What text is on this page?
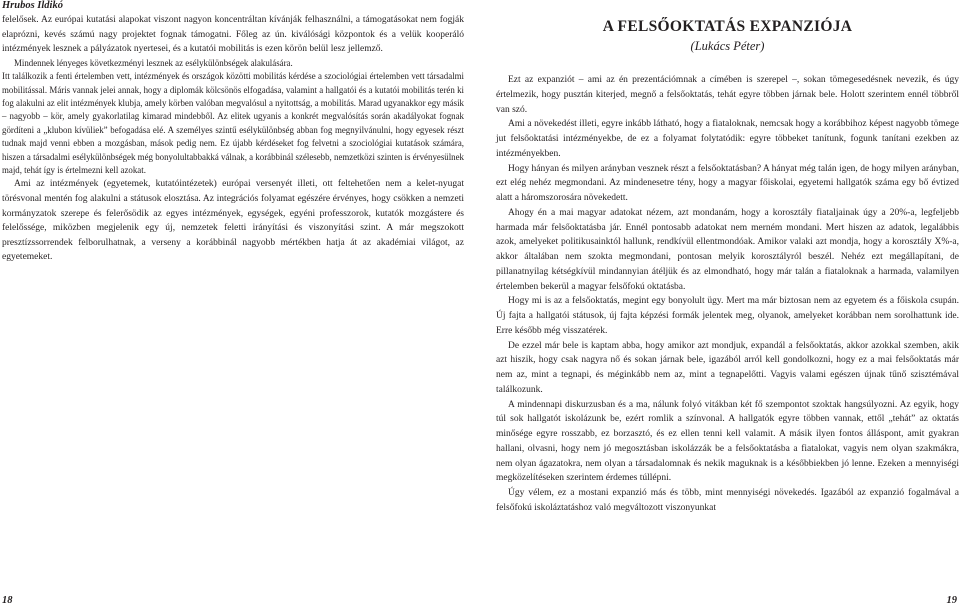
Hrubos Ildikó

felelősek. Az európai kutatási alapokat viszont nagyon koncentráltan kívánják felhasználni, a támogatásokat nem fogják elaprózni, kevés számú nagy projektet fognak támogatni. Főleg az ún. kiválósági központok és a velük kooperáló intézmények lesznek a pályázatok nyertesei, és a kutatói mobilitás is ezen körön belül lesz jellemző.

Mindennek lényeges következményi lesznek az esélykülönbségek alakulására.

Itt találkozik a fenti értelemben vett, intézmények és országok közötti mobilitás kérdése a szociológiai értelemben vett társadalmi mobilitással. Máris vannak jelei annak, hogy a diplomák kölcsönös elfogadása, valamint a hallgatói és a kutatói mobilitás terén ki fog alakulni az elit intézmények klubja, amely körben valóban megvalósul a nyitottság, a mobilitás. Marad ugyanakkor egy másik – nagyobb – kör, amely gyakorlatilag kimarad mindebből. Az elitek ugyanis a konkrét megvalósítás során akadályokat fognak gördíteni a „klubon kívüliek” befogadása elé. A személyes szintű esélykülönbség abban fog megnyilvánulni, hogy egyesek részt tudnak majd venni ebben a mozgásban, mások pedig nem. Ez újabb kérdéseket fog felvetni a szociológiai kutatások számára, hiszen a társadalmi esélykülönbségek még bonyolultabbakká válnak, a korábbinál szélesebb, nemzetközi szinten is érvényesülnek majd, tehát így is értelmezni kell azokat.

Ami az intézmények (egyetemek, kutatóintézetek) európai versenyét illeti, ott feltehetően nem a kelet-nyugat törésvonal mentén fog alakulni a státusok elosztása. Az integrációs folyamat egészére érvényes, hogy csökken a nemzeti kormányzatok szerepe és felerősödik az egyes intézmények, egységek, egyéni professzorok, kutatók mozgástere és felelőssége, miközben megjelenik egy új, nemzetek feletti irányítási és viszonyítási szint. A már megszokott presztízssorrendek felborulhatnak, a verseny a korábbinál nagyobb mértékben hatja át az akadémiai világot, az egyetemeket.

A FELSŐOKTATÁS EXPANZIÓJA
(Lukács Péter)

Ezt az expanziót – ami az én prezentációmnak a címében is szerepel –, sokan tömegesedésnek nevezik, és úgy értelmezik, hogy pusztán kiterjed, megnő a felsőoktatás, tehát egyre többen járnak bele. Holott szerintem ennél többről van szó.

Ami a növekedést illeti, egyre inkább látható, hogy a fiataloknak, nemcsak hogy a korábbihoz képest nagyobb tömege jut felsőoktatási intézményekbe, de ez a folyamat folytatódik: egyre többeket tanítunk, fogunk tanítani ezekben az intézményekben.

Hogy hányan és milyen arányban vesznek részt a felsőoktatásban? A hányat még talán igen, de hogy milyen arányban, ezt elég nehéz megmondani. Az mindenesetre tény, hogy a magyar főiskolai, egyetemi hallgatók száma egy bő évtized alatt a háromszorosára növekedett.

Ahogy én a mai magyar adatokat nézem, azt mondanám, hogy a korosztály fiataljainak úgy a 20%-a, legfeljebb harmada már felsőoktatásba jár. Ennél pontosabb adatokat nem merném mondani. Mert hiszen az adatok, legalábbis azok, amelyeket politikusainktól hallunk, rendkívül ellentmondóak. Amikor valaki azt mondja, hogy a korosztály X%-a, akkor általában nem szokta megmondani, pontosan melyik korosztályról beszél. Nehéz ezt megállapítani, de pillanatnyilag kétségkívül mindannyian átéljük és az elmondható, hogy már talán a fiataloknak a harmada, valamilyen értelemben bekerül a magyar felsőfokú oktatásba.

Hogy mi is az a felsőoktatás, megint egy bonyolult ügy. Mert ma már biztosan nem az egyetem és a főiskola csupán. Új fajta a hallgatói státusok, új fajta képzési formák jelentek meg, olyanok, amelyeket korábban nem sorolhattunk ide. Erre később még visszatérek.

De ezzel már bele is kaptam abba, hogy amikor azt mondjuk, expandál a felsőoktatás, akkor azokkal szemben, akik azt hiszik, hogy csak nagyra nő és sokan járnak bele, igazából arról kell gondolkozni, hogy ez a mai felsőoktatás már nem az, mint a tegnapi, és méginkább nem az, mint a tegnapelőtti. Vagyis valami egészen újnak tűnő szisztémával találkozunk.

A mindennapi diskurzusban és a ma, nálunk folyó vitákban két fő szempontot szoktak hangsúlyozni. Az egyik, hogy túl sok hallgatót iskolázunk be, ezért romlik a színvonal. A hallgatók egyre többen vannak, ettől „tehát” az oktatás minősége egyre rosszabb, ez borzasztó, és ez ellen tenni kell valamit. A másik ilyen fontos álláspont, amit gyakran hallani, olvasni, hogy nem jó megosztásban iskolázzák be a felsőoktatásba a fiatalokat, vagyis nem olyan szakmákra, nem olyan ágazatokra, nem olyan a társadalomnak és nekik maguknak is a későbbiekben jó lenne. Ezeken a mennyiségi megközelítéseken szerintem érdemes túllépni.

Úgy vélem, ez a mostani expanzió más és több, mint mennyiségi növekedés. Igazából az expanzió fogalmával a felsőfokú iskoláztatáshoz való megváltozott viszonyunkat

18	19
